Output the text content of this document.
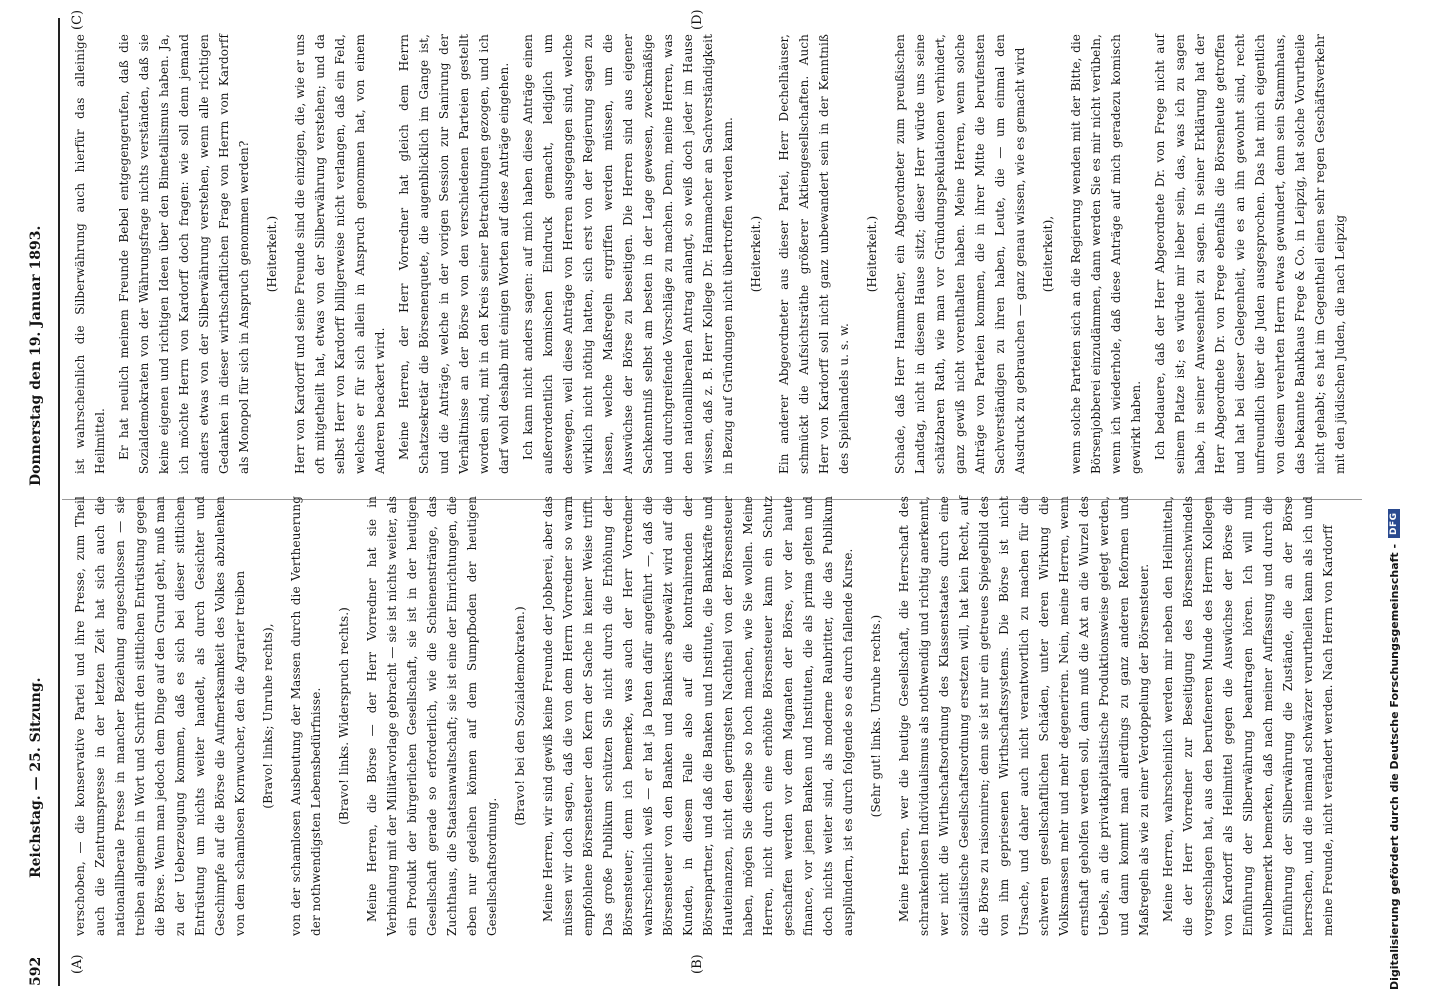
592
Reichstag. — 25. Sitzung.
Donnerstag den 19. Januar 1893.
(A)	(B)
(C)	(D)

verschoben, — die konservative Partei und ihre Presse, zum Theil auch die Zentrumspresse in der letzten Zeit hat sich auch die nationalliberale Presse in mancher Beziehung angeschlossen — sie treiben allgemein in Wort und Schrift den sittlichen Entrüstung gegen die Börse. Wenn man jedoch dem Dinge auf den Grund geht, muß man zu der Ueberzeugung kommen, daß es sich bei dieser sittlichen Entrüstung um nichts weiter handelt, als durch Gesichter und Geschimpfe auf die Börse die Aufmerksamkeit des Volkes abzulenken von dem schamlosen Kornwucher, den die Agrarier treiben (Bravo! links; Unruhe rechts), von der schamlosen Ausbeutung der Massen durch die Vertheuerung der nothwendigsten Lebensbedürfnisse. (Bravo! links. Widerspruch rechts.) Meine Herren, die Börse — der Herr Vorredner hat sie in Verbindung mit der Militärvorlage gebracht — sie ist nichts weiter, als ein Produkt der bürgerlichen Gesellschaft, sie ist in der heutigen Gesellschaft gerade so erforderlich, wie die Schienenstränge, das Zuchthaus, die Staatsanwaltschaft; sie ist eine der Einrichtungen, die eben nur gedeihen können auf dem Sumpfboden der heutigen Gesellschaftsordnung.

(Bravo! bei den Sozialdemokraten.) Meine Herren, wir sind gewiß keine Freunde der Jobberei, aber das müssen wir doch sagen, daß die von dem Herrn Vorredner so warm empfohlene Börsensteuer den Kern der Sache in keiner Weise trifft. Das große Publikum schützen Sie nicht durch die Erhöhung der Börsensteuer; denn ich bemerke, was auch der Herr Vorredner wahrscheinlich weiß — er hat ja Daten dafür angeführt —, daß die Börsensteuer von den Banken und Bankiers abgewälzt wird auf die Kunden, in diesem Falle also auf die kontrahirenden der Börsenpartner, und daß die Banken und Institute, die Bankkräfte und Hauteinanzen, nicht den geringsten Nachtheil von der Börsensteuer haben, mögen Sie dieselbe so hoch machen, wie Sie wollen. Meine Herren, nicht durch eine erhöhte Börsensteuer kann ein Schutz geschaffen werden vor dem Magnaten der Börse, vor der haute finance, vor jenen Banken und Instituten, die als prima gelten und doch nichts weiter sind, als moderne Raubritter, die das Publikum ausplündern, ist es durch folgende so es durch fallende Kurse. (Sehr gut! links. Unruhe rechts.) Meine Herren, wer die heutige Gesellschaft, die Herrschaft des schrankenlosen Individualismus als nothwendig und richtig anerkennt, wer nicht die Wirthschaftsordnung des Klassenstaates durch eine sozialistische Gesellschaftsordnung ersetzen will, hat kein Recht, auf die Börse zu raisonniren; denn sie ist nur ein getreues Spiegelbild des von ihm gepriesenen Wirthschaftssystems. Die Börse ist nicht Ursache, und daher auch nicht verantwortlich zu machen für die schweren gesellschaftlichen Schäden, unter deren Wirkung die Volksmassen mehr und mehr degeneriren. Nein, meine Herren, wenn ernsthaft geholfen werden soll, dann muß die Axt an die Wurzel des Uebels, an die privatkapitalistische Produktionsweise gelegt werden, und dann kommt man allerdings zu ganz anderen Reformen und Maßregeln als wie zu einer Verdoppelung der Börsensteuer. Meine Herren, wahrscheinlich werden mir neben den Heilmitteln, die der Herr Vorredner zur Beseitigung des Börsenschwindels vorgeschlagen hat, aus den berufeneren Munde des Herrn Kollegen von Kardorff als Heilmittel gegen die Auswüchse der Börse die Einführung der Silberwährung beantragen hören. Ich will nun wohlbemerkt bemerken, daß nach meiner Auffassung und durch die Einführung der Silberwährung die Zustände, die an der Börse herrschen, und die niemand schwärzer verurtheilen kann als ich und meine Freunde, nicht verändert werden. Nach Herrn von Kardorff

ist wahrscheinlich die Silberwährung auch hierfür das alleinige Heilmittel. Er hat neulich meinem Freunde Bebel entgegengerufen, daß die Sozialdemokraten von der Währungsfrage nichts verständen, daß sie keine eigenen und richtigen Ideen über den Bimetallismus haben. Ja, ich möchte Herrn von Kardorff doch fragen: wie soll denn jemand anders etwas von der Silberwährung verstehen, wenn alle richtigen Gedanken in dieser wirthschaftlichen Frage von Herrn von Kardorff als Monopol für sich in Anspruch genommen werden? (Heiterkeit.) Herr von Kardorff und seine Freunde sind die einzigen, die, wie er uns oft mitgetheilt hat, etwas von der Silberwährung verstehen; und da selbst Herr von Kardorff billigerweise nicht verlangen, daß ein Feld, welches er für sich allein in Anspruch genommen hat, von einem Anderen beackert wird. Meine Herren, der Herr Vorredner hat gleich dem Herrn Schatzsekretär die Börsenenquete, die augenblicklich im Gange ist, und die Anträge, welche in der vorigen Session zur Sanirung der Verhältnisse an der Börse von den verschiedenen Parteien gestellt worden sind, mit in den Kreis seiner Betrachtungen gezogen, und ich darf wohl deshalb mit einigen Worten auf diese Anträge eingehen. Ich kann nicht anders sagen: auf mich haben diese Anträge einen außerordentlich komischen Eindruck gemacht, lediglich um deswegen, weil diese Anträge von Herren ausgegangen sind, welche wirklich nicht nöthig hatten, sich erst von der Regierung sagen zu lassen, welche Maßregeln ergriffen werden müssen, um die Auswüchse der Börse zu beseitigen. Die Herren sind aus eigener Sachkenntniß selbst am besten in der Lage gewesen, zweckmäßige und durchgreifende Vorschläge zu machen. Denn, meine Herren, was den nationalliberalen Antrag anlangt, so weiß doch jeder im Hause wissen, daß z. B. Herr Kollege Dr. Hammacher an Sachverständigkeit in Bezug auf Gründungen nicht übertroffen werden kann. (Heiterkeit.) Ein anderer Abgeordneter aus dieser Partei, Herr Dechelhäuser, schmückt die Aufsichtsräthe größerer Aktiengesellschaften. Auch Herr von Kardorff soll nicht ganz unbewandert sein in der Kenntniß des Spielhandels u. s. w.

(Heiterkeit.) Schade, daß Herr Hammacher, ein Abgeordneter zum preußischen Landtag, nicht in diesem Hause sitzt; dieser Herr würde uns seine schätzbaren Rath, wie man vor Gründungspekulationen verhindert, ganz gewiß nicht vorenthalten haben. Meine Herren, wenn solche Anträge von Parteien kommen, die in ihrer Mitte die berufensten Sachverständigen zu ihren haben, Leute, die — um einmal den Ausdruck zu gebrauchen — ganz genau wissen, wie es gemacht wird (Heiterkeit), wenn solche Parteien sich an die Regierung wenden mit der Bitte, die Börsenjobberei einzudämmen, dann werden Sie es mir nicht verübeln, wenn ich wiederhole, daß diese Anträge auf mich geradezu komisch gewirkt haben. Ich bedauere, daß der Herr Abgeordnete Dr. von Frege nicht auf seinem Platze ist; es würde mir lieber sein, das, was ich zu sagen habe, in seiner Anwesenheit zu sagen. In seiner Erklärung hat der Herr Abgeordnete Dr. von Frege ebenfalls die Börsenleute getroffen und hat bei dieser Gelegenheit, wie es an ihn gewohnt sind, recht unfreundlich über die Juden ausgesprochen. Das hat mich eigentlich von diesem verehrten Herrn etwas gewundert, denn sein Stammhaus, das bekannte Bankhaus Frege & Co. in Leipzig, hat solche Vorurtheile nicht gehabt; es hat im Gegentheil einen sehr regen Geschäftsverkehr mit den jüdischen Juden, die nach Leipzig

Digitalisierung gefördert durch die Deutsche Forschungsgemeinschaft -
DFG
